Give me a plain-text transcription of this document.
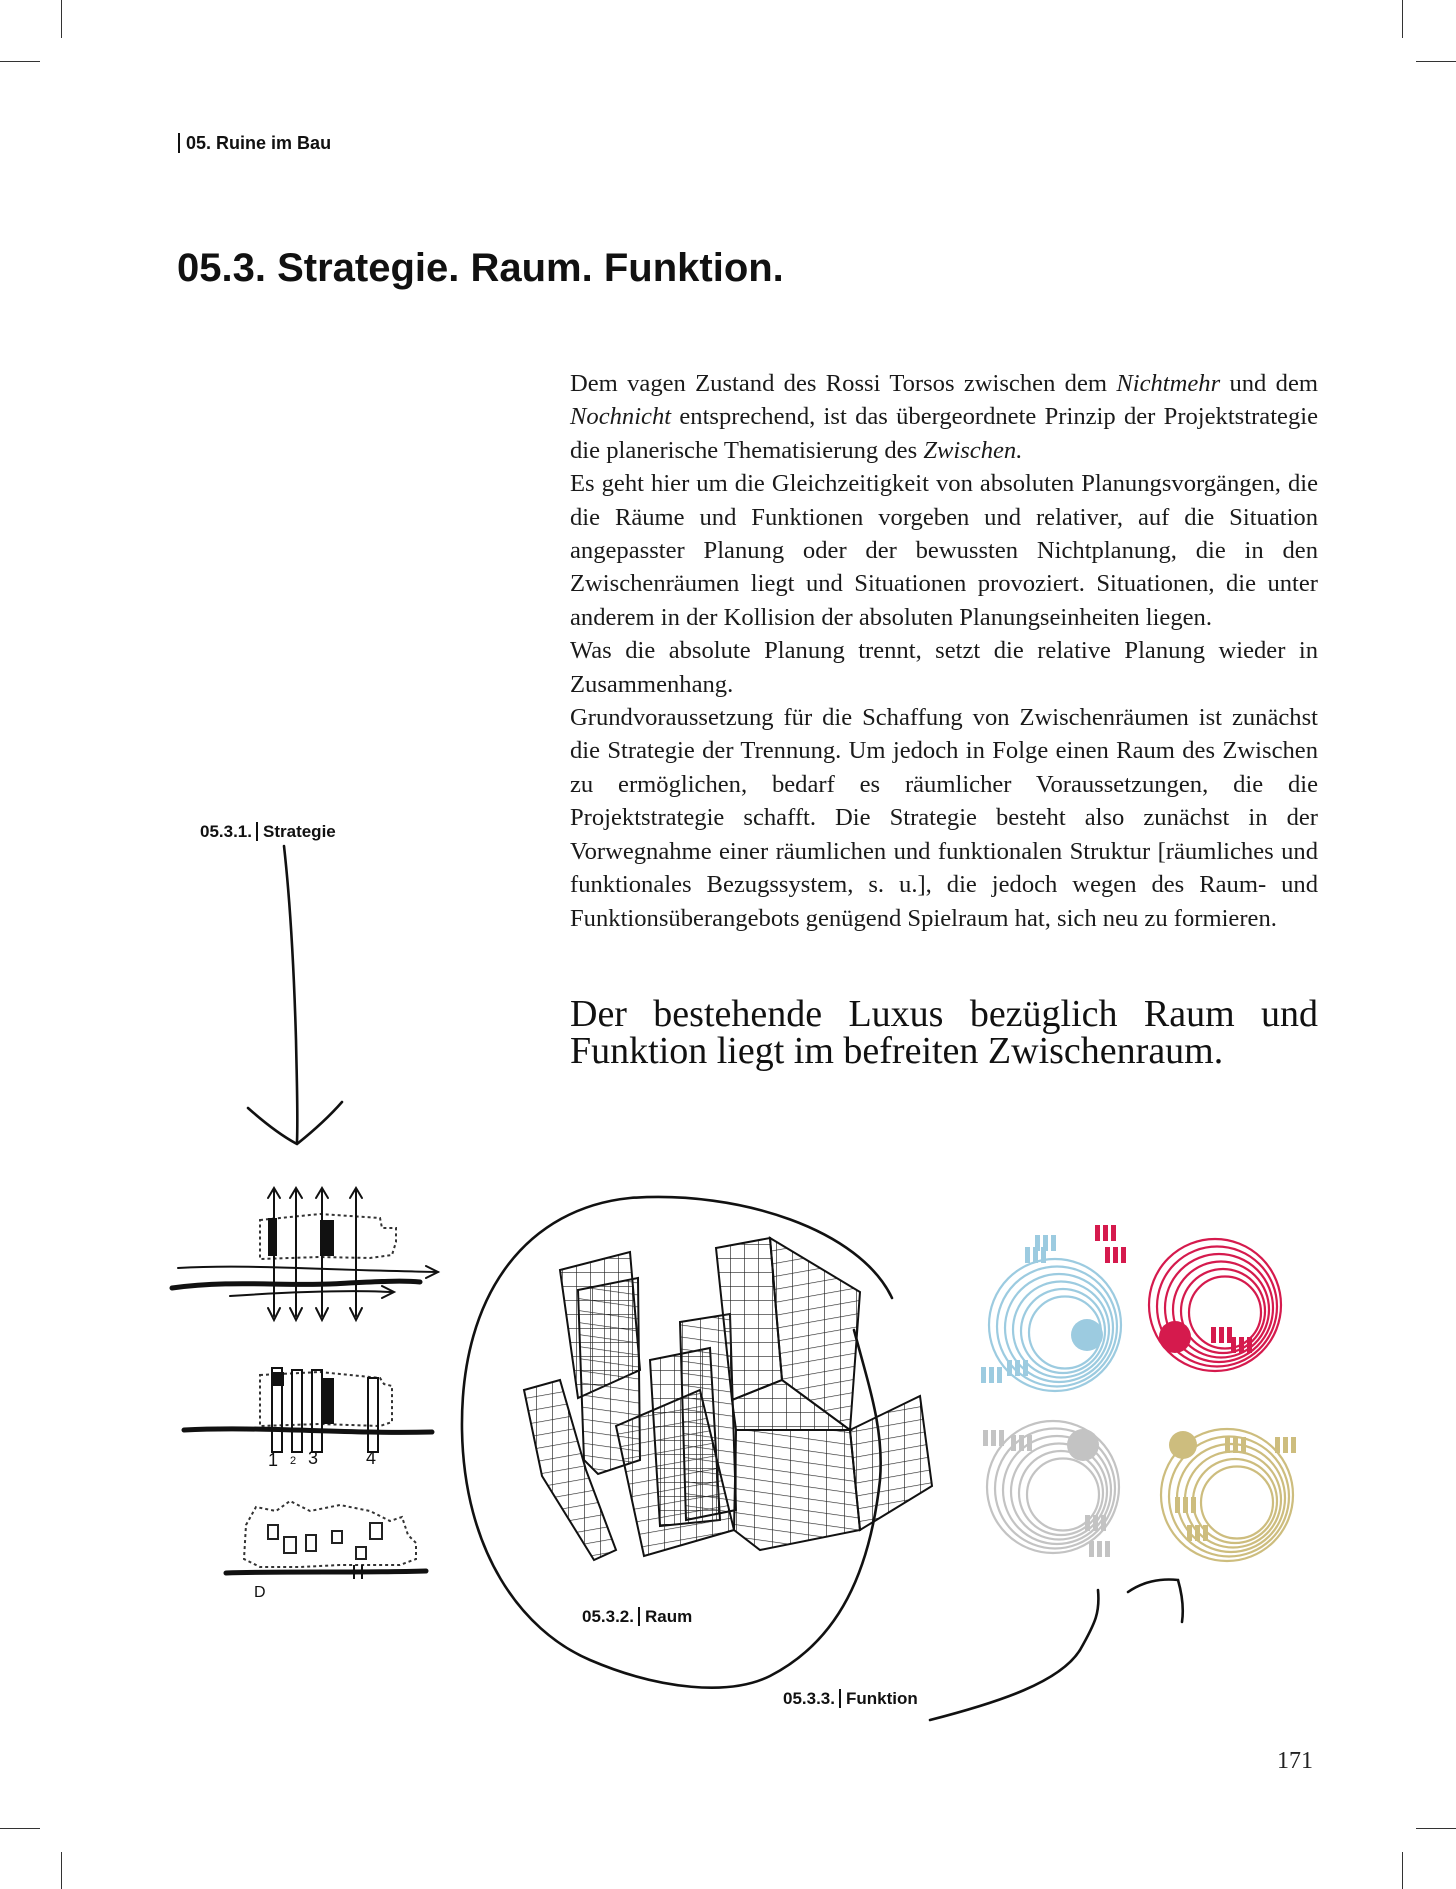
05. Ruine im Bau
05.3. Strategie. Raum. Funktion.

Dem vagen Zustand des Rossi Torsos zwischen dem Nichtmehr und dem Nochnicht entsprechend, ist das übergeordnete Prinzip der Projektstrategie die planerische Thematisierung des Zwischen.

Es geht hier um die Gleichzeitigkeit von absoluten Planungsvorgängen, die die Räume und Funktionen vorgeben und relativer, auf die Situation angepasster Planung oder der bewussten Nichtplanung, die in den Zwischenräumen liegt und Situationen provoziert. Situationen, die unter anderem in der Kollision der absoluten Planungseinheiten liegen.

Was die absolute Planung trennt, setzt die relative Planung wieder in Zusammenhang.

Grundvoraussetzung für die Schaffung von Zwischenräumen ist zunächst die Strategie der Trennung. Um jedoch in Folge einen Raum des Zwischen zu ermöglichen, bedarf es räumlicher Voraussetzungen, die die Projektstrategie schafft. Die Strategie besteht also zunächst in der Vorwegnahme einer räumlichen und funktionalen Struktur [räumliches und funktionales Bezugssystem, s. u.], die jedoch wegen des Raum- und Funktionsüberangebots genügend Spielraum hat, sich neu zu formieren.

Der bestehende Luxus bezüglich Raum und Funktion liegt im befreiten Zwischenraum.

05.3.1. Strategie
05.3.2. Raum
05.3.3. Funktion
1 2 3	4
D
171
